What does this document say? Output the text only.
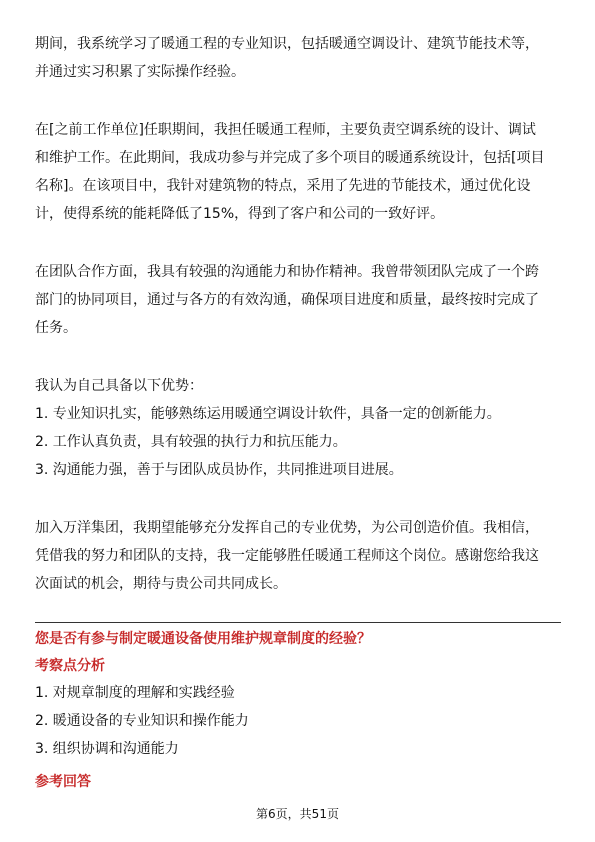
期间，我系统学习了暖通工程的专业知识，包括暖通空调设计、建筑节能技术等，
并通过实习积累了实际操作经验。
在[之前工作单位]任职期间，我担任暖通工程师，主要负责空调系统的设计、调试
和维护工作。在此期间，我成功参与并完成了多个项目的暖通系统设计，包括[项目
名称]。在该项目中，我针对建筑物的特点，采用了先进的节能技术，通过优化设
计，使得系统的能耗降低了15%，得到了客户和公司的一致好评。
在团队合作方面，我具有较强的沟通能力和协作精神。我曾带领团队完成了一个跨
部门的协同项目，通过与各方的有效沟通，确保项目进度和质量，最终按时完成了
任务。

我认为自己具备以下优势：

1. 专业知识扎实，能够熟练运用暖通空调设计软件，具备一定的创新能力。

2. 工作认真负责，具有较强的执行力和抗压能力。

3. 沟通能力强，善于与团队成员协作，共同推进项目进展。

加入万洋集团，我期望能够充分发挥自己的专业优势，为公司创造价值。我相信，
凭借我的努力和团队的支持，我一定能够胜任暖通工程师这个岗位。感谢您给我这
次面试的机会，期待与贵公司共同成长。

您是否有参与制定暖通设备使用维护规章制度的经验？

考察点分析

1. 对规章制度的理解和实践经验

2. 暖通设备的专业知识和操作能力

3. 组织协调和沟通能力

参考回答

第6页，共51页
